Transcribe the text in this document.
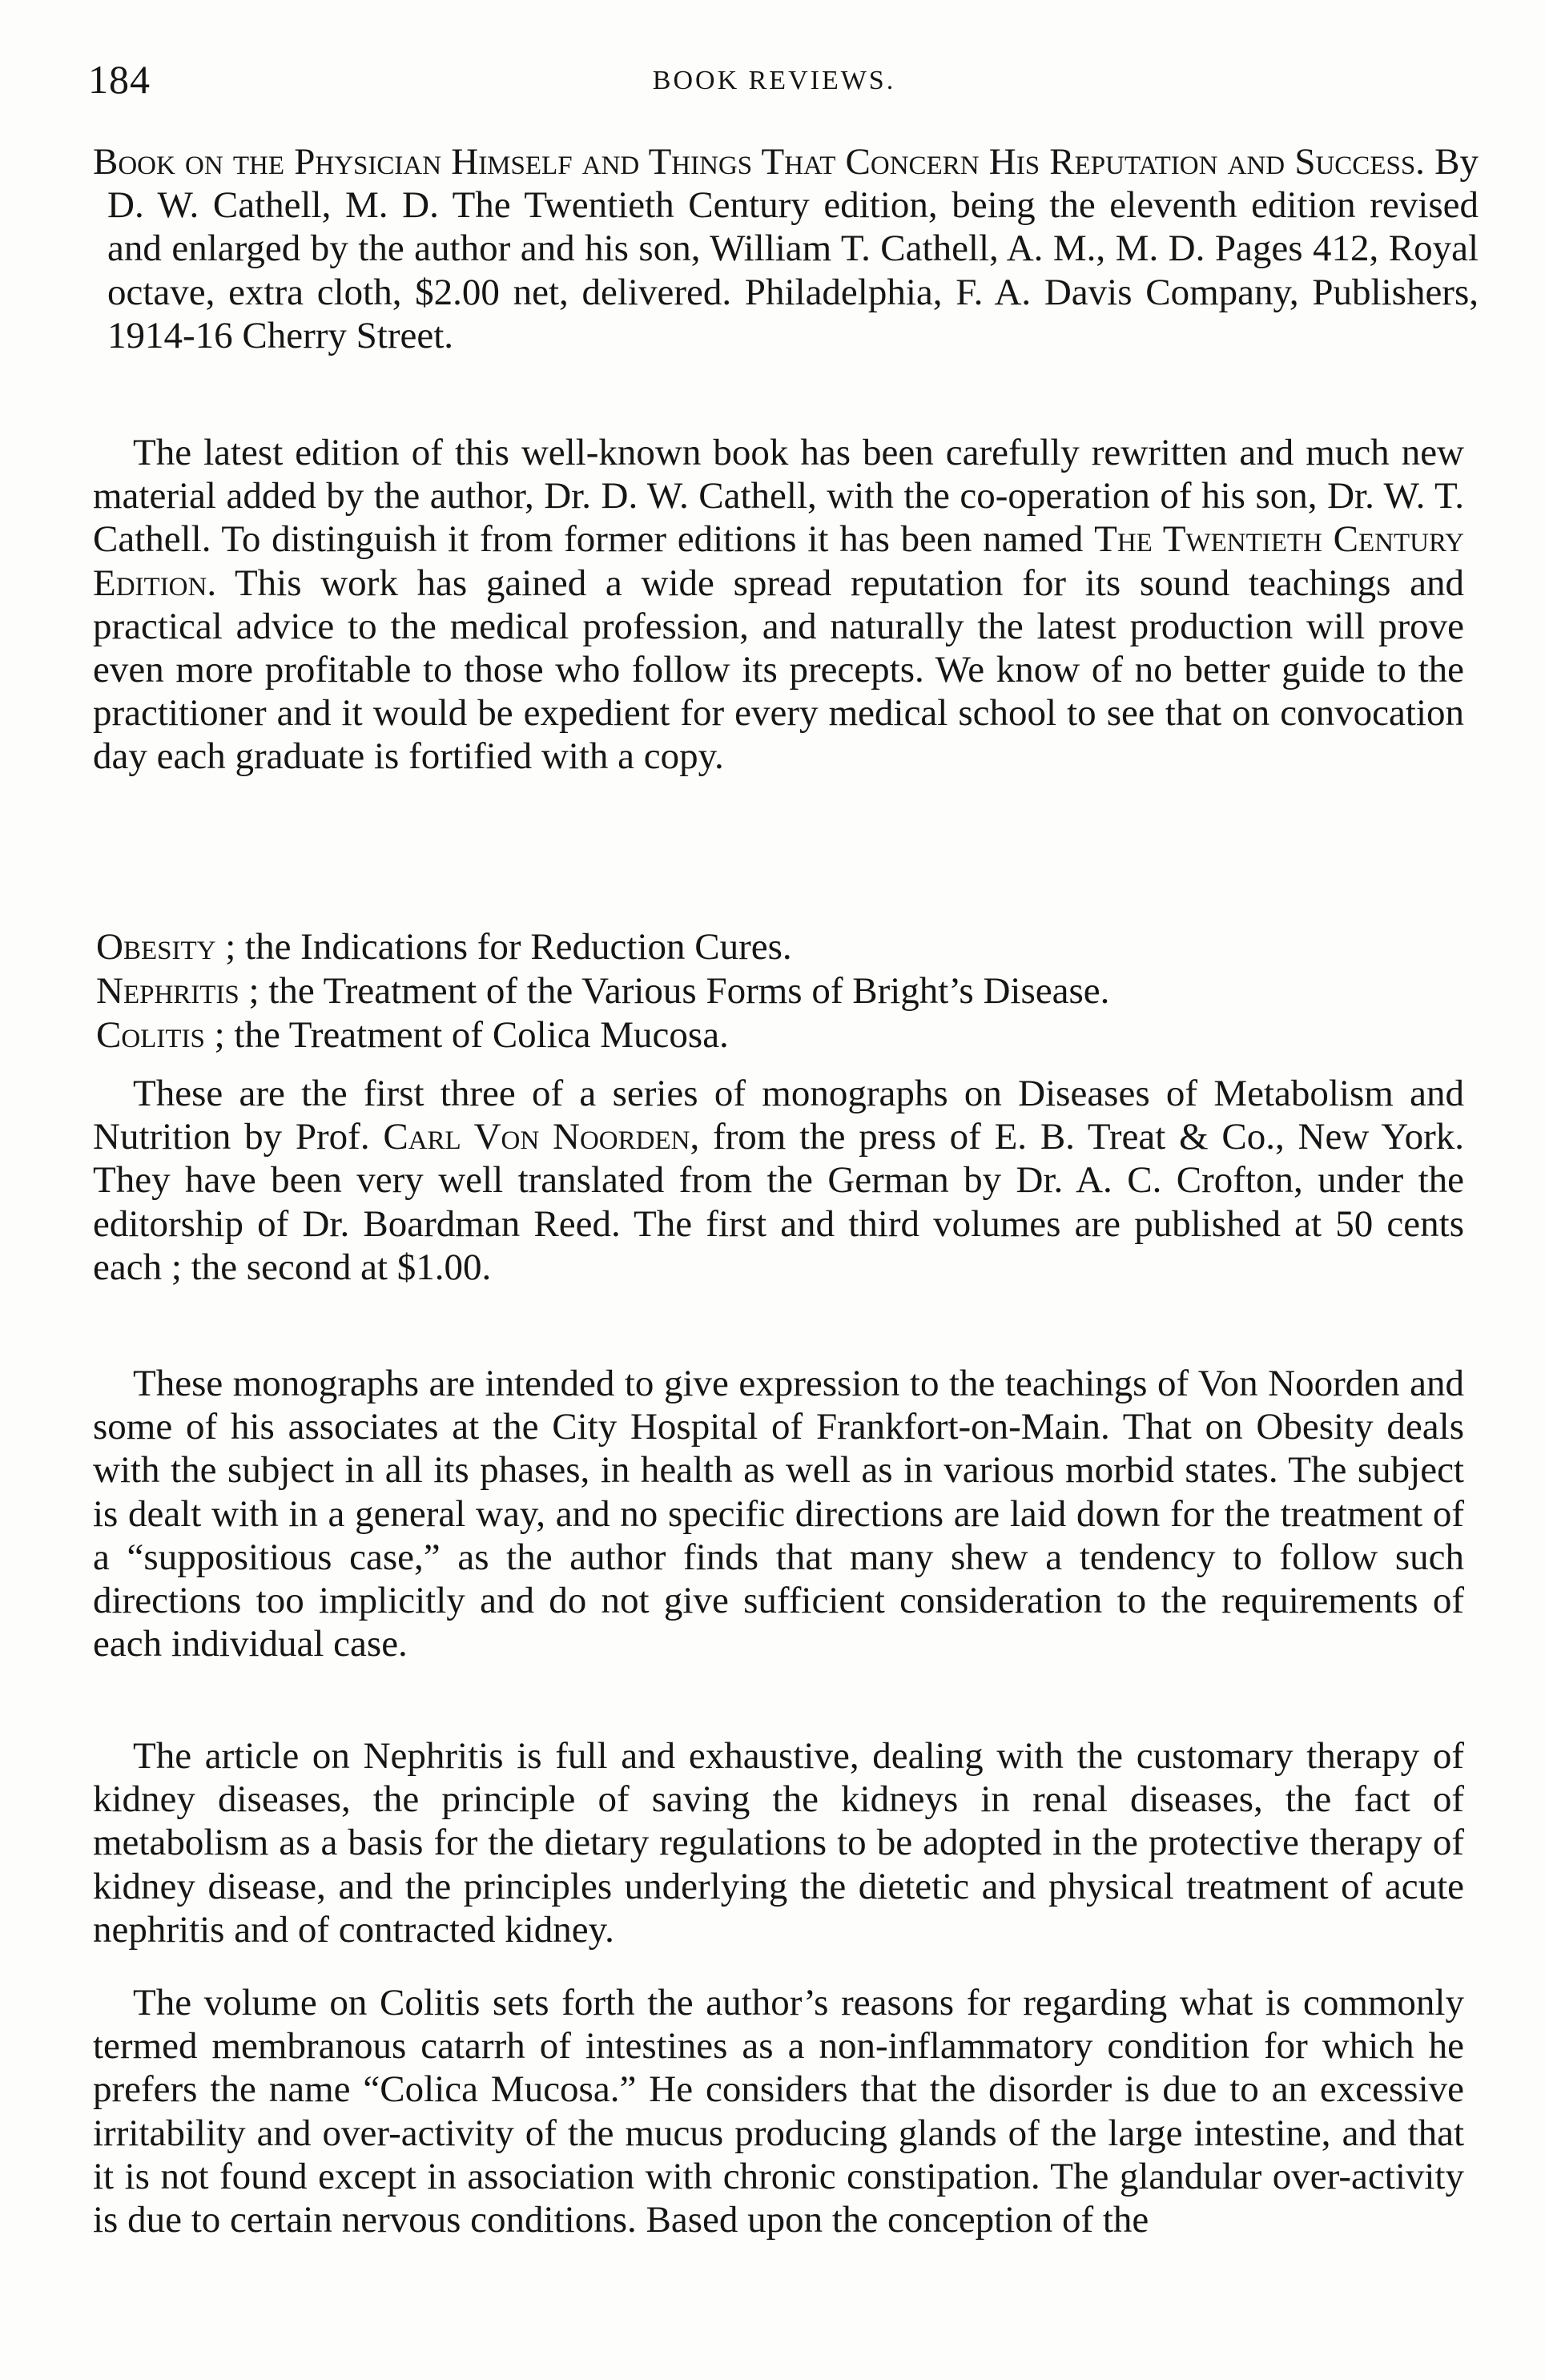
184	BOOK REVIEWS.

Book on the Physician Himself and Things That Concern His Reputation and Success. By D. W. Cathell, M. D. The Twentieth Century edition, being the eleventh edition revised and enlarged by the author and his son, William T. Cathell, A. M., M. D. Pages 412, Royal octave, extra cloth, $2.00 net, delivered. Philadelphia, F. A. Davis Company, Publishers, 1914-16 Cherry Street.

The latest edition of this well-known book has been carefully rewritten and much new material added by the author, Dr. D. W. Cathell, with the co-operation of his son, Dr. W. T. Cathell. To distinguish it from former editions it has been named The Twentieth Century Edition. This work has gained a wide spread reputation for its sound teachings and practical advice to the medical profession, and naturally the latest production will prove even more profitable to those who follow its precepts. We know of no better guide to the practitioner and it would be expedient for every medical school to see that on convocation day each graduate is fortified with a copy.

Obesity ; the Indications for Reduction Cures.
Nephritis ; the Treatment of the Various Forms of Bright’s Disease.
Colitis ; the Treatment of Colica Mucosa.

These are the first three of a series of monographs on Diseases of Metabolism and Nutrition by Prof. Carl Von Noorden, from the press of E. B. Treat & Co., New York. They have been very well translated from the German by Dr. A. C. Crofton, under the editorship of Dr. Boardman Reed. The first and third volumes are published at 50 cents each ; the second at $1.00.

These monographs are intended to give expression to the teachings of Von Noorden and some of his associates at the City Hospital of Frankfort-on-Main. That on Obesity deals with the subject in all its phases, in health as well as in various morbid states. The subject is dealt with in a general way, and no specific directions are laid down for the treatment of a “suppositious case,” as the author finds that many shew a tendency to follow such directions too implicitly and do not give sufficient consideration to the requirements of each individual case.

The article on Nephritis is full and exhaustive, dealing with the customary therapy of kidney diseases, the principle of saving the kidneys in renal diseases, the fact of metabolism as a basis for the dietary regulations to be adopted in the protective therapy of kidney disease, and the principles underlying the dietetic and physical treatment of acute nephritis and of contracted kidney.

The volume on Colitis sets forth the author’s reasons for regarding what is commonly termed membranous catarrh of intestines as a non-inflammatory condition for which he prefers the name “Colica Mucosa.” He considers that the disorder is due to an excessive irritability and over-activity of the mucus producing glands of the large intestine, and that it is not found except in association with chronic constipation. The glandular over-activity is due to certain nervous conditions. Based upon the conception of the
